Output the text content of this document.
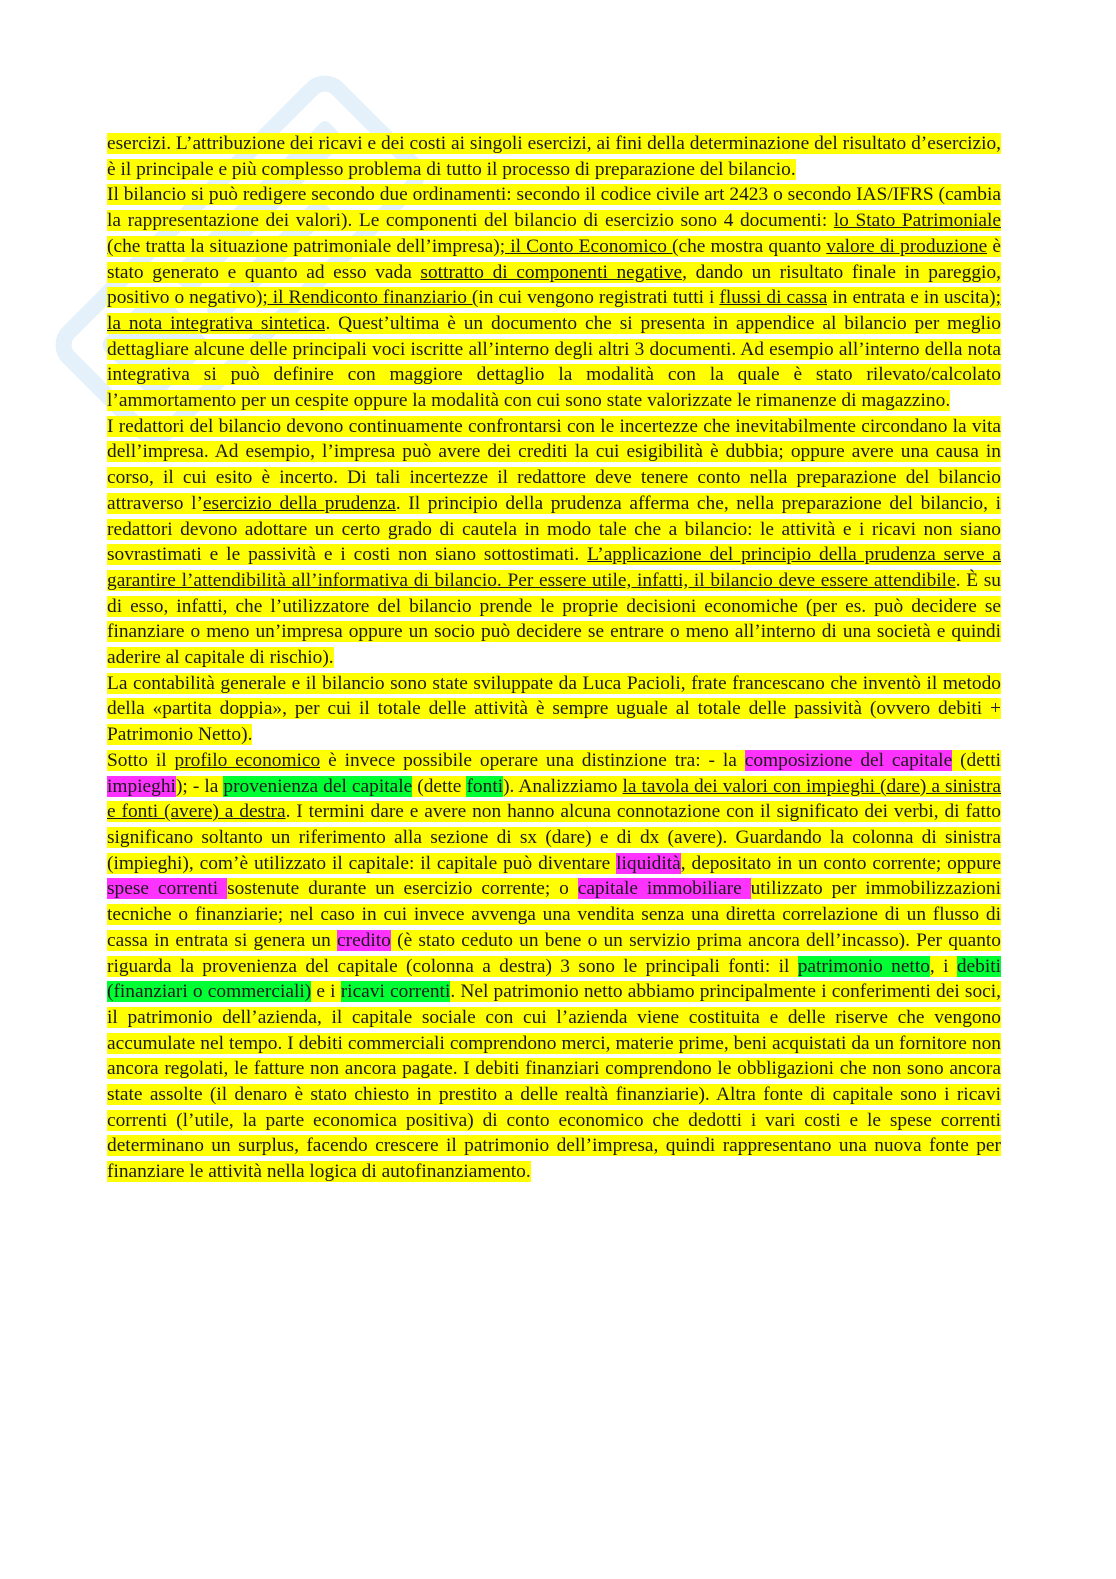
esercizi. L’attribuzione dei ricavi e dei costi ai singoli esercizi, ai fini della determinazione del risultato d’esercizio, è il principale e più complesso problema di tutto il processo di preparazione del bilancio.

Il bilancio si può redigere secondo due ordinamenti: secondo il codice civile art 2423 o secondo IAS/IFRS (cambia la rappresentazione dei valori). Le componenti del bilancio di esercizio sono 4 documenti: lo Stato Patrimoniale (che tratta la situazione patrimoniale dell’impresa); il Conto Economico (che mostra quanto valore di produzione è stato generato e quanto ad esso vada sottratto di componenti negative, dando un risultato finale in pareggio, positivo o negativo); il Rendiconto finanziario (in cui vengono registrati tutti i flussi di cassa in entrata e in uscita); la nota integrativa sintetica. Quest’ultima è un documento che si presenta in appendice al bilancio per meglio dettagliare alcune delle principali voci iscritte all’interno degli altri 3 documenti. Ad esempio all’interno della nota integrativa si può definire con maggiore dettaglio la modalità con la quale è stato rilevato/calcolato l’ammortamento per un cespite oppure la modalità con cui sono state valorizzate le rimanenze di magazzino.

I redattori del bilancio devono continuamente confrontarsi con le incertezze che inevitabilmente circondano la vita dell’impresa. Ad esempio, l’impresa può avere dei crediti la cui esigibilità è dubbia; oppure avere una causa in corso, il cui esito è incerto. Di tali incertezze il redattore deve tenere conto nella preparazione del bilancio attraverso l’esercizio della prudenza. Il principio della prudenza afferma che, nella preparazione del bilancio, i redattori devono adottare un certo grado di cautela in modo tale che a bilancio: le attività e i ricavi non siano sovrastimati e le passività e i costi non siano sottostimati. L’applicazione del principio della prudenza serve a garantire l’attendibilità all’informativa di bilancio. Per essere utile, infatti, il bilancio deve essere attendibile. È su di esso, infatti, che l’utilizzatore del bilancio prende le proprie decisioni economiche (per es. può decidere se finanziare o meno un’impresa oppure un socio può decidere se entrare o meno all’interno di una società e quindi aderire al capitale di rischio).

La contabilità generale e il bilancio sono state sviluppate da Luca Pacioli, frate francescano che inventò il metodo della «partita doppia», per cui il totale delle attività è sempre uguale al totale delle passività (ovvero debiti + Patrimonio Netto).

Sotto il profilo economico è invece possibile operare una distinzione tra: - la composizione del capitale (detti impieghi); - la provenienza del capitale (dette fonti). Analizziamo la tavola dei valori con impieghi (dare) a sinistra e fonti (avere) a destra. I termini dare e avere non hanno alcuna connotazione con il significato dei verbi, di fatto significano soltanto un riferimento alla sezione di sx (dare) e di dx (avere). Guardando la colonna di sinistra (impieghi), com’è utilizzato il capitale: il capitale può diventare liquidità, depositato in un conto corrente; oppure spese correnti sostenute durante un esercizio corrente; o capitale immobiliare utilizzato per immobilizzazioni tecniche o finanziarie; nel caso in cui invece avvenga una vendita senza una diretta correlazione di un flusso di cassa in entrata si genera un credito (è stato ceduto un bene o un servizio prima ancora dell’incasso). Per quanto riguarda la provenienza del capitale (colonna a destra) 3 sono le principali fonti: il patrimonio netto, i debiti (finanziari o commerciali) e i ricavi correnti. Nel patrimonio netto abbiamo principalmente i conferimenti dei soci, il patrimonio dell’azienda, il capitale sociale con cui l’azienda viene costituita e delle riserve che vengono accumulate nel tempo. I debiti commerciali comprendono merci, materie prime, beni acquistati da un fornitore non ancora regolati, le fatture non ancora pagate. I debiti finanziari comprendono le obbligazioni che non sono ancora state assolte (il denaro è stato chiesto in prestito a delle realtà finanziarie). Altra fonte di capitale sono i ricavi correnti (l’utile, la parte economica positiva) di conto economico che dedotti i vari costi e le spese correnti determinano un surplus, facendo crescere il patrimonio dell’impresa, quindi rappresentano una nuova fonte per finanziare le attività nella logica di autofinanziamento.
